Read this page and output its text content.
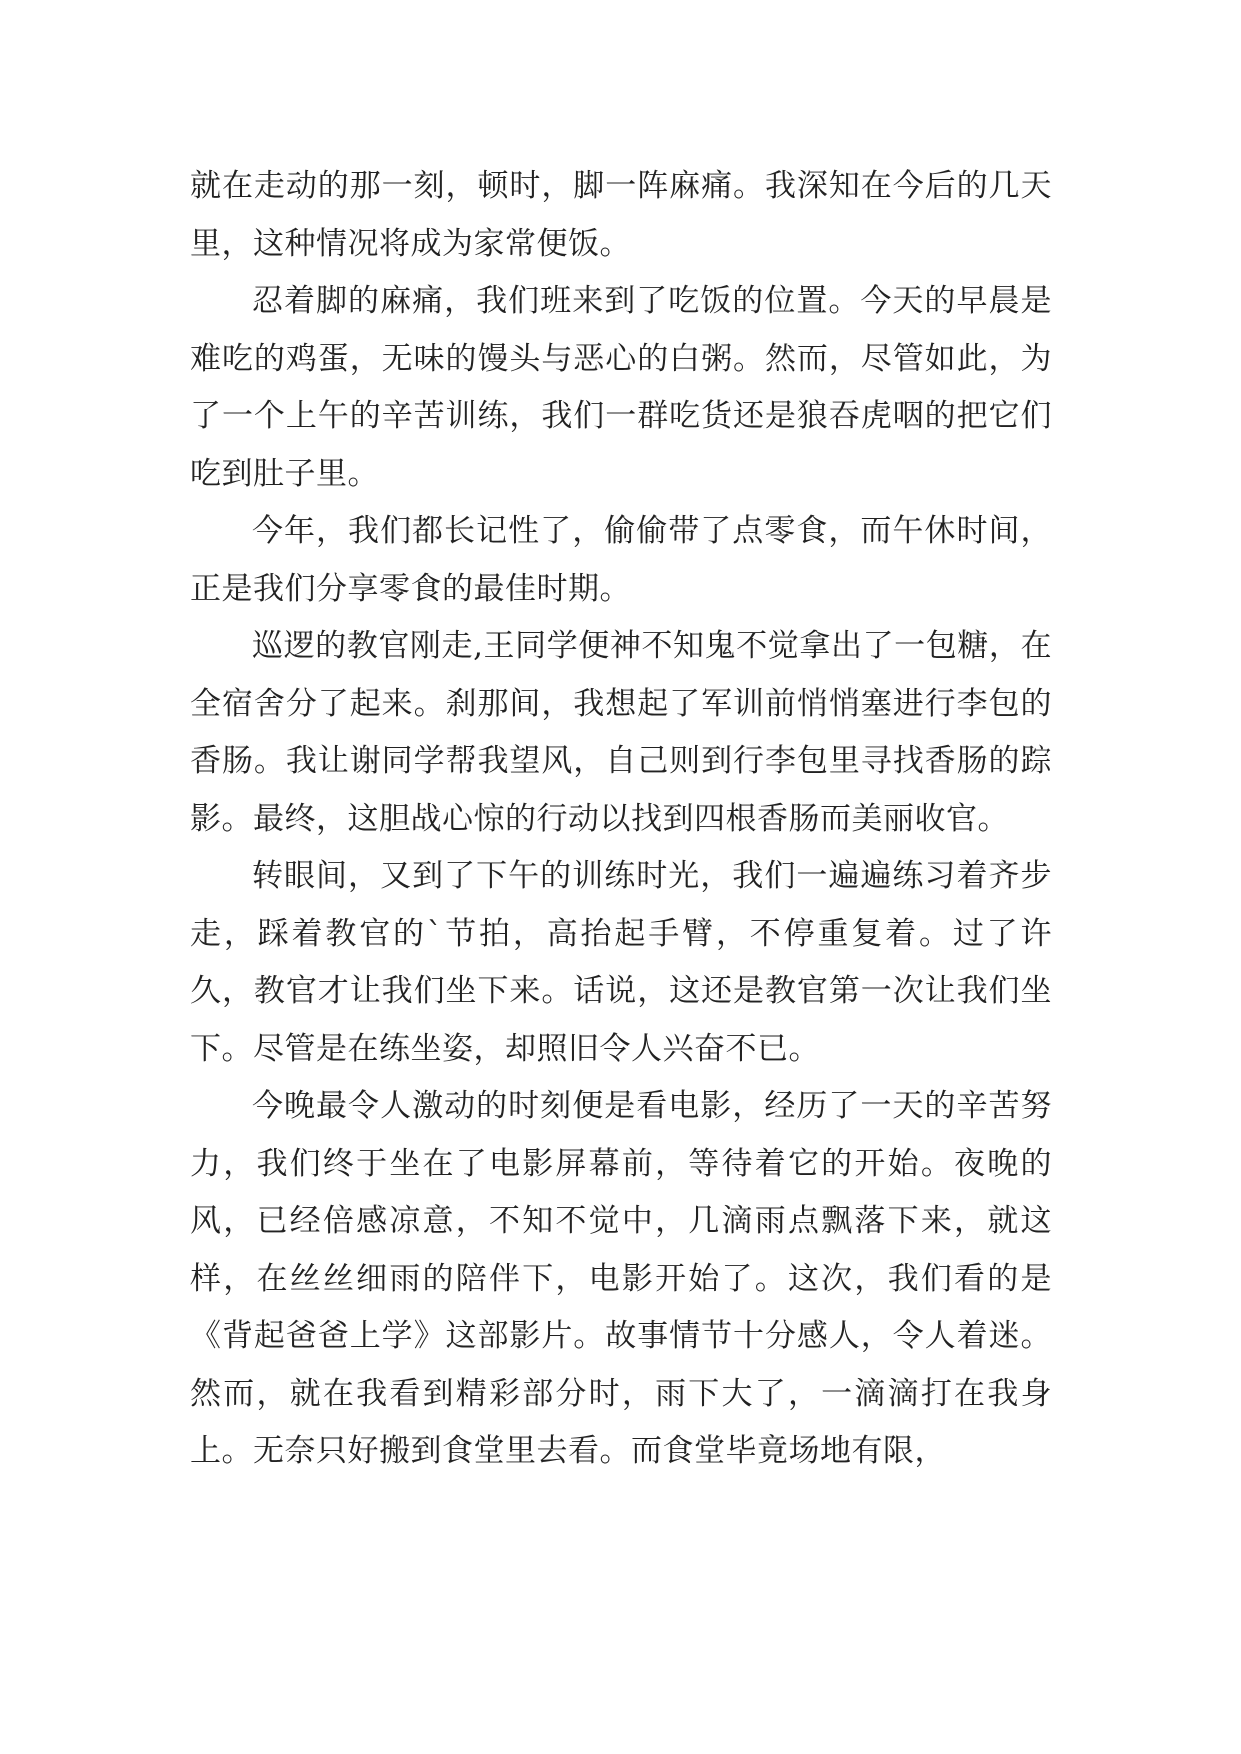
就在走动的那一刻，顿时，脚一阵麻痛。我深知在今后的几天里，这种情况将成为家常便饭。

忍着脚的麻痛，我们班来到了吃饭的位置。今天的早晨是难吃的鸡蛋，无味的馒头与恶心的白粥。然而，尽管如此，为了一个上午的辛苦训练，我们一群吃货还是狼吞虎咽的把它们吃到肚子里。

今年，我们都长记性了，偷偷带了点零食，而午休时间，正是我们分享零食的最佳时期。

巡逻的教官刚走,王同学便神不知鬼不觉拿出了一包糖，在全宿舍分了起来。刹那间，我想起了军训前悄悄塞进行李包的香肠。我让谢同学帮我望风，自己则到行李包里寻找香肠的踪影。最终，这胆战心惊的行动以找到四根香肠而美丽收官。

转眼间，又到了下午的训练时光，我们一遍遍练习着齐步走，踩着教官的`节拍，高抬起手臂，不停重复着。过了许久，教官才让我们坐下来。话说，这还是教官第一次让我们坐下。尽管是在练坐姿，却照旧令人兴奋不已。

今晚最令人激动的时刻便是看电影，经历了一天的辛苦努力，我们终于坐在了电影屏幕前，等待着它的开始。夜晚的风，已经倍感凉意，不知不觉中，几滴雨点飘落下来，就这样，在丝丝细雨的陪伴下，电影开始了。这次，我们看的是《背起爸爸上学》这部影片。故事情节十分感人，令人着迷。然而，就在我看到精彩部分时，雨下大了，一滴滴打在我身上。无奈只好搬到食堂里去看。而食堂毕竟场地有限，
